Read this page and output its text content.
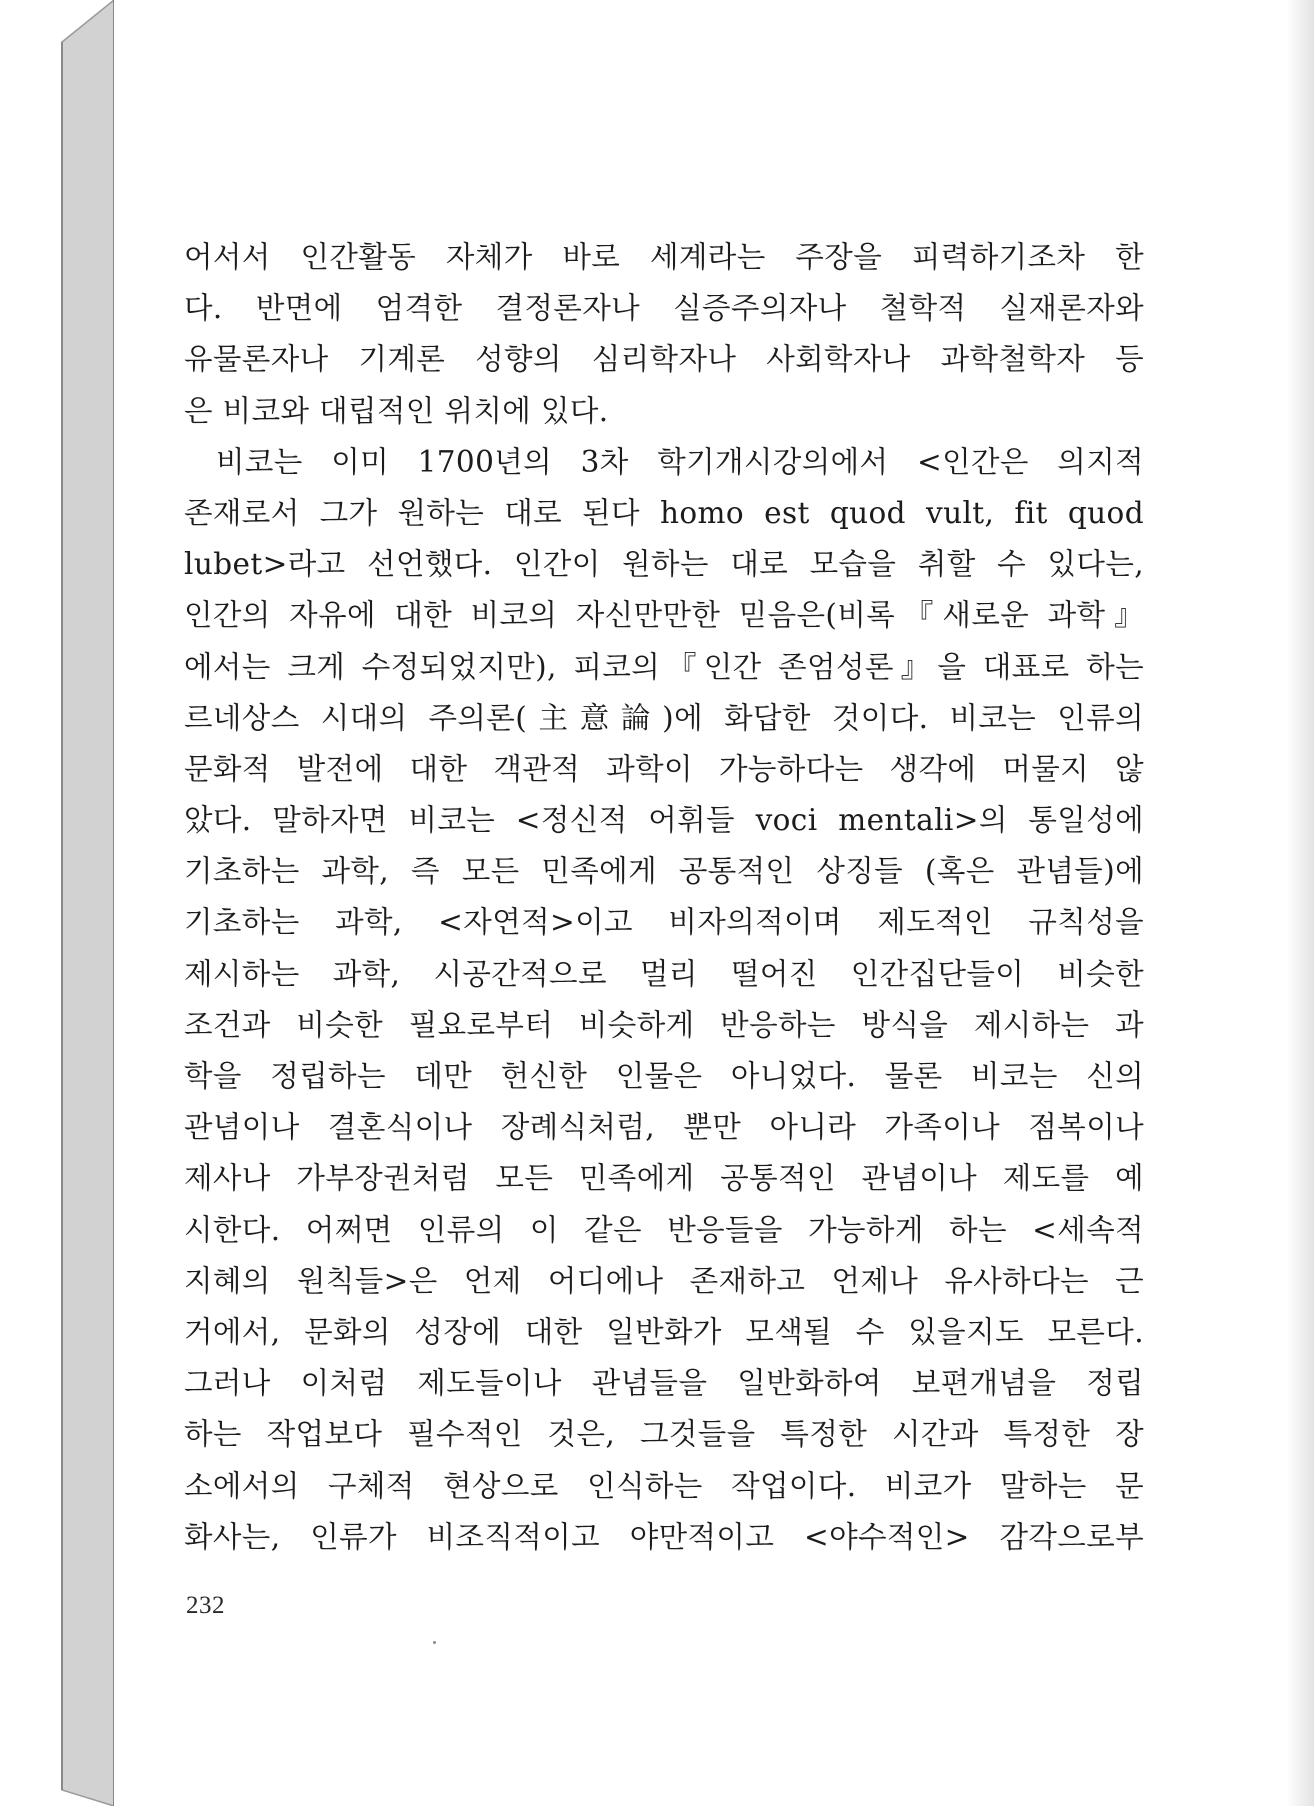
어서서 인간활동 자체가 바로 세계라는 주장을 피력하기조차 한
다. 반면에 엄격한 결정론자나 실증주의자나 철학적 실재론자와
유물론자나 기계론 성향의 심리학자나 사회학자나 과학철학자 등
은 비코와 대립적인 위치에 있다.
비코는 이미 1700년의 3차 학기개시강의에서 <인간은 의지적
존재로서 그가 원하는 대로 된다 homo est quod vult, fit quod
lubet>라고 선언했다. 인간이 원하는 대로 모습을 취할 수 있다는,
인간의 자유에 대한 비코의 자신만만한 믿음은(비록『새로운 과학』
에서는 크게 수정되었지만), 피코의『인간 존엄성론』을 대표로 하는
르네상스 시대의 주의론(主意論)에 화답한 것이다. 비코는 인류의
문화적 발전에 대한 객관적 과학이 가능하다는 생각에 머물지 않
았다. 말하자면 비코는 <정신적 어휘들 voci mentali>의 통일성에
기초하는 과학, 즉 모든 민족에게 공통적인 상징들 (혹은 관념들)에
기초하는 과학, <자연적>이고 비자의적이며 제도적인 규칙성을
제시하는 과학, 시공간적으로 멀리 떨어진 인간집단들이 비슷한
조건과 비슷한 필요로부터 비슷하게 반응하는 방식을 제시하는 과
학을 정립하는 데만 헌신한 인물은 아니었다. 물론 비코는 신의
관념이나 결혼식이나 장례식처럼, 뿐만 아니라 가족이나 점복이나
제사나 가부장권처럼 모든 민족에게 공통적인 관념이나 제도를 예
시한다. 어쩌면 인류의 이 같은 반응들을 가능하게 하는 <세속적
지혜의 원칙들>은 언제 어디에나 존재하고 언제나 유사하다는 근
거에서, 문화의 성장에 대한 일반화가 모색될 수 있을지도 모른다.
그러나 이처럼 제도들이나 관념들을 일반화하여 보편개념을 정립
하는 작업보다 필수적인 것은, 그것들을 특정한 시간과 특정한 장
소에서의 구체적 현상으로 인식하는 작업이다. 비코가 말하는 문
화사는, 인류가 비조직적이고 야만적이고 <야수적인> 감각으로부
232
